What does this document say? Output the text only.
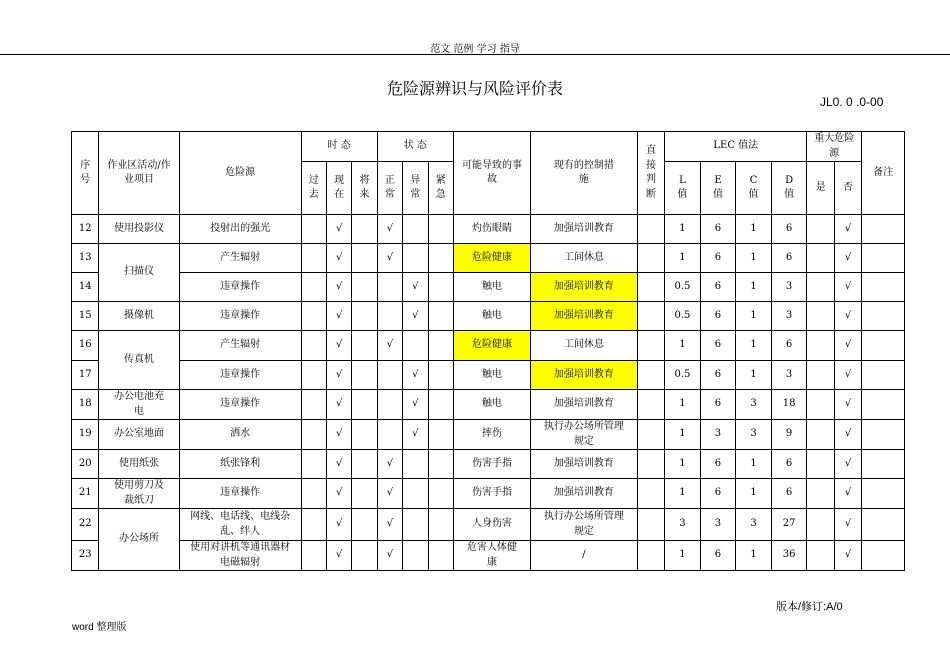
范文 范例 学习 指导
危险源辨识与风险评价表
JL0. 0 .0-00
序号	作业区活动/作业项目	危险源	时 态			状 态			可能导致的事故	现有的控制措施	直接判断	LEC 值法				重大危险源		备注
			过去	现在	将来	正常	异常	紧急				L值	E值	C值	D值	是	否	
12	使用投影仪	投射出的强光		√		√			灼伤眼睛	加强培训教育		1	6	1	6		√	
13	扫描仪	产生辐射		√		√			危险健康	工间休息		1	6	1	6		√	
14		违章操作		√			√		触电	加强培训教育		0.5	6	1	3		√	
15	摄像机	违章操作		√			√		触电	加强培训教育		0.5	6	1	3		√	
16	传真机	产生辐射		√		√			危险健康	工间休息		1	6	1	6		√	
17		违章操作		√			√		触电	加强培训教育		0.5	6	1	3		√	
18	办公电池充电	违章操作		√			√		触电	加强培训教育		1	6	3	18		√	
19	办公室地面	洒水		√			√		摔伤	执行办公场所管理规定		1	3	3	9		√	
20	使用纸张	纸张锋利		√		√			伤害手指	加强培训教育		1	6	1	6		√	
21	使用剪刀及裁纸刀	违章操作		√		√			伤害手指	加强培训教育		1	6	1	6		√	
22	办公场所	网线、电话线、电线杂乱、绊人		√		√			人身伤害	执行办公场所管理规定		3	3	3	27		√	
23		使用对讲机等通讯器材电磁辐射		√		√			危害人体健康	/		1	6	1	36		√	
版本/修订:A/0
word 整理版
